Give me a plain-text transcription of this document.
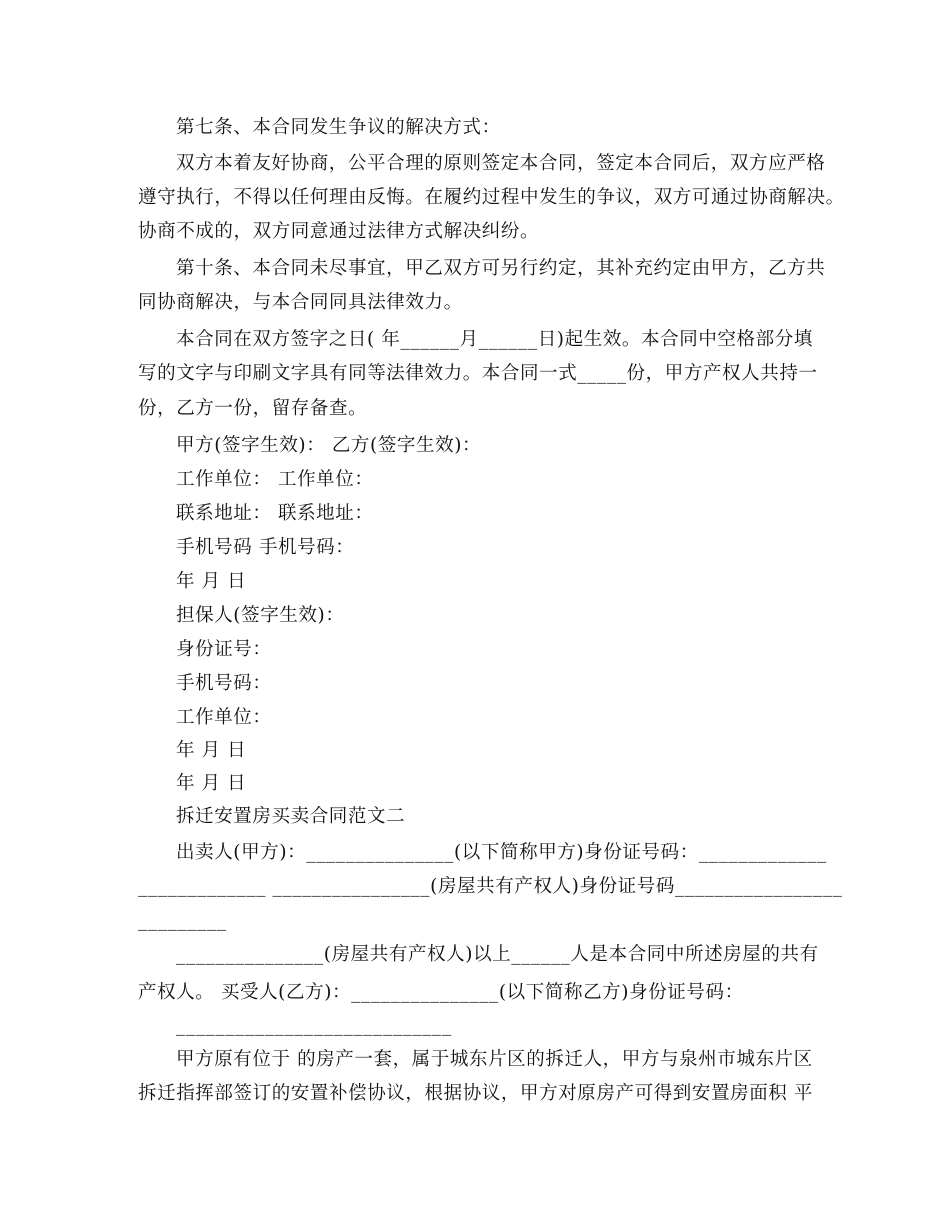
第七条、本合同发生争议的解决方式：
双方本着友好协商，公平合理的原则签定本合同，签定本合同后，双方应严格
遵守执行，不得以任何理由反悔。在履约过程中发生的争议，双方可通过协商解决。
协商不成的，双方同意通过法律方式解决纠纷。
第十条、本合同未尽事宜，甲乙双方可另行约定，其补充约定由甲方，乙方共
同协商解决，与本合同同具法律效力。
本合同在双方签字之日( 年______月______日)起生效。本合同中空格部分填
写的文字与印刷文字具有同等法律效力。本合同一式_____份，甲方产权人共持一
份，乙方一份，留存备查。
甲方(签字生效)： 乙方(签字生效)：
工作单位： 工作单位：
联系地址： 联系地址：
手机号码 手机号码：
年 月 日
担保人(签字生效)：
身份证号：
手机号码：
工作单位：
年 月 日
年 月 日
拆迁安置房买卖合同范文二
出卖人(甲方)：_______________(以下简称甲方)身份证号码：_____________
_____________ ________________(房屋共有产权人)身份证号码_________________
_________
_______________(房屋共有产权人)以上______人是本合同中所述房屋的共有
产权人。 买受人(乙方)：_______________(以下简称乙方)身份证号码：
____________________________
甲方原有位于 的房产一套，属于城东片区的拆迁人，甲方与泉州市城东片区
拆迁指挥部签订的安置补偿协议，根据协议，甲方对原房产可得到安置房面积 平
